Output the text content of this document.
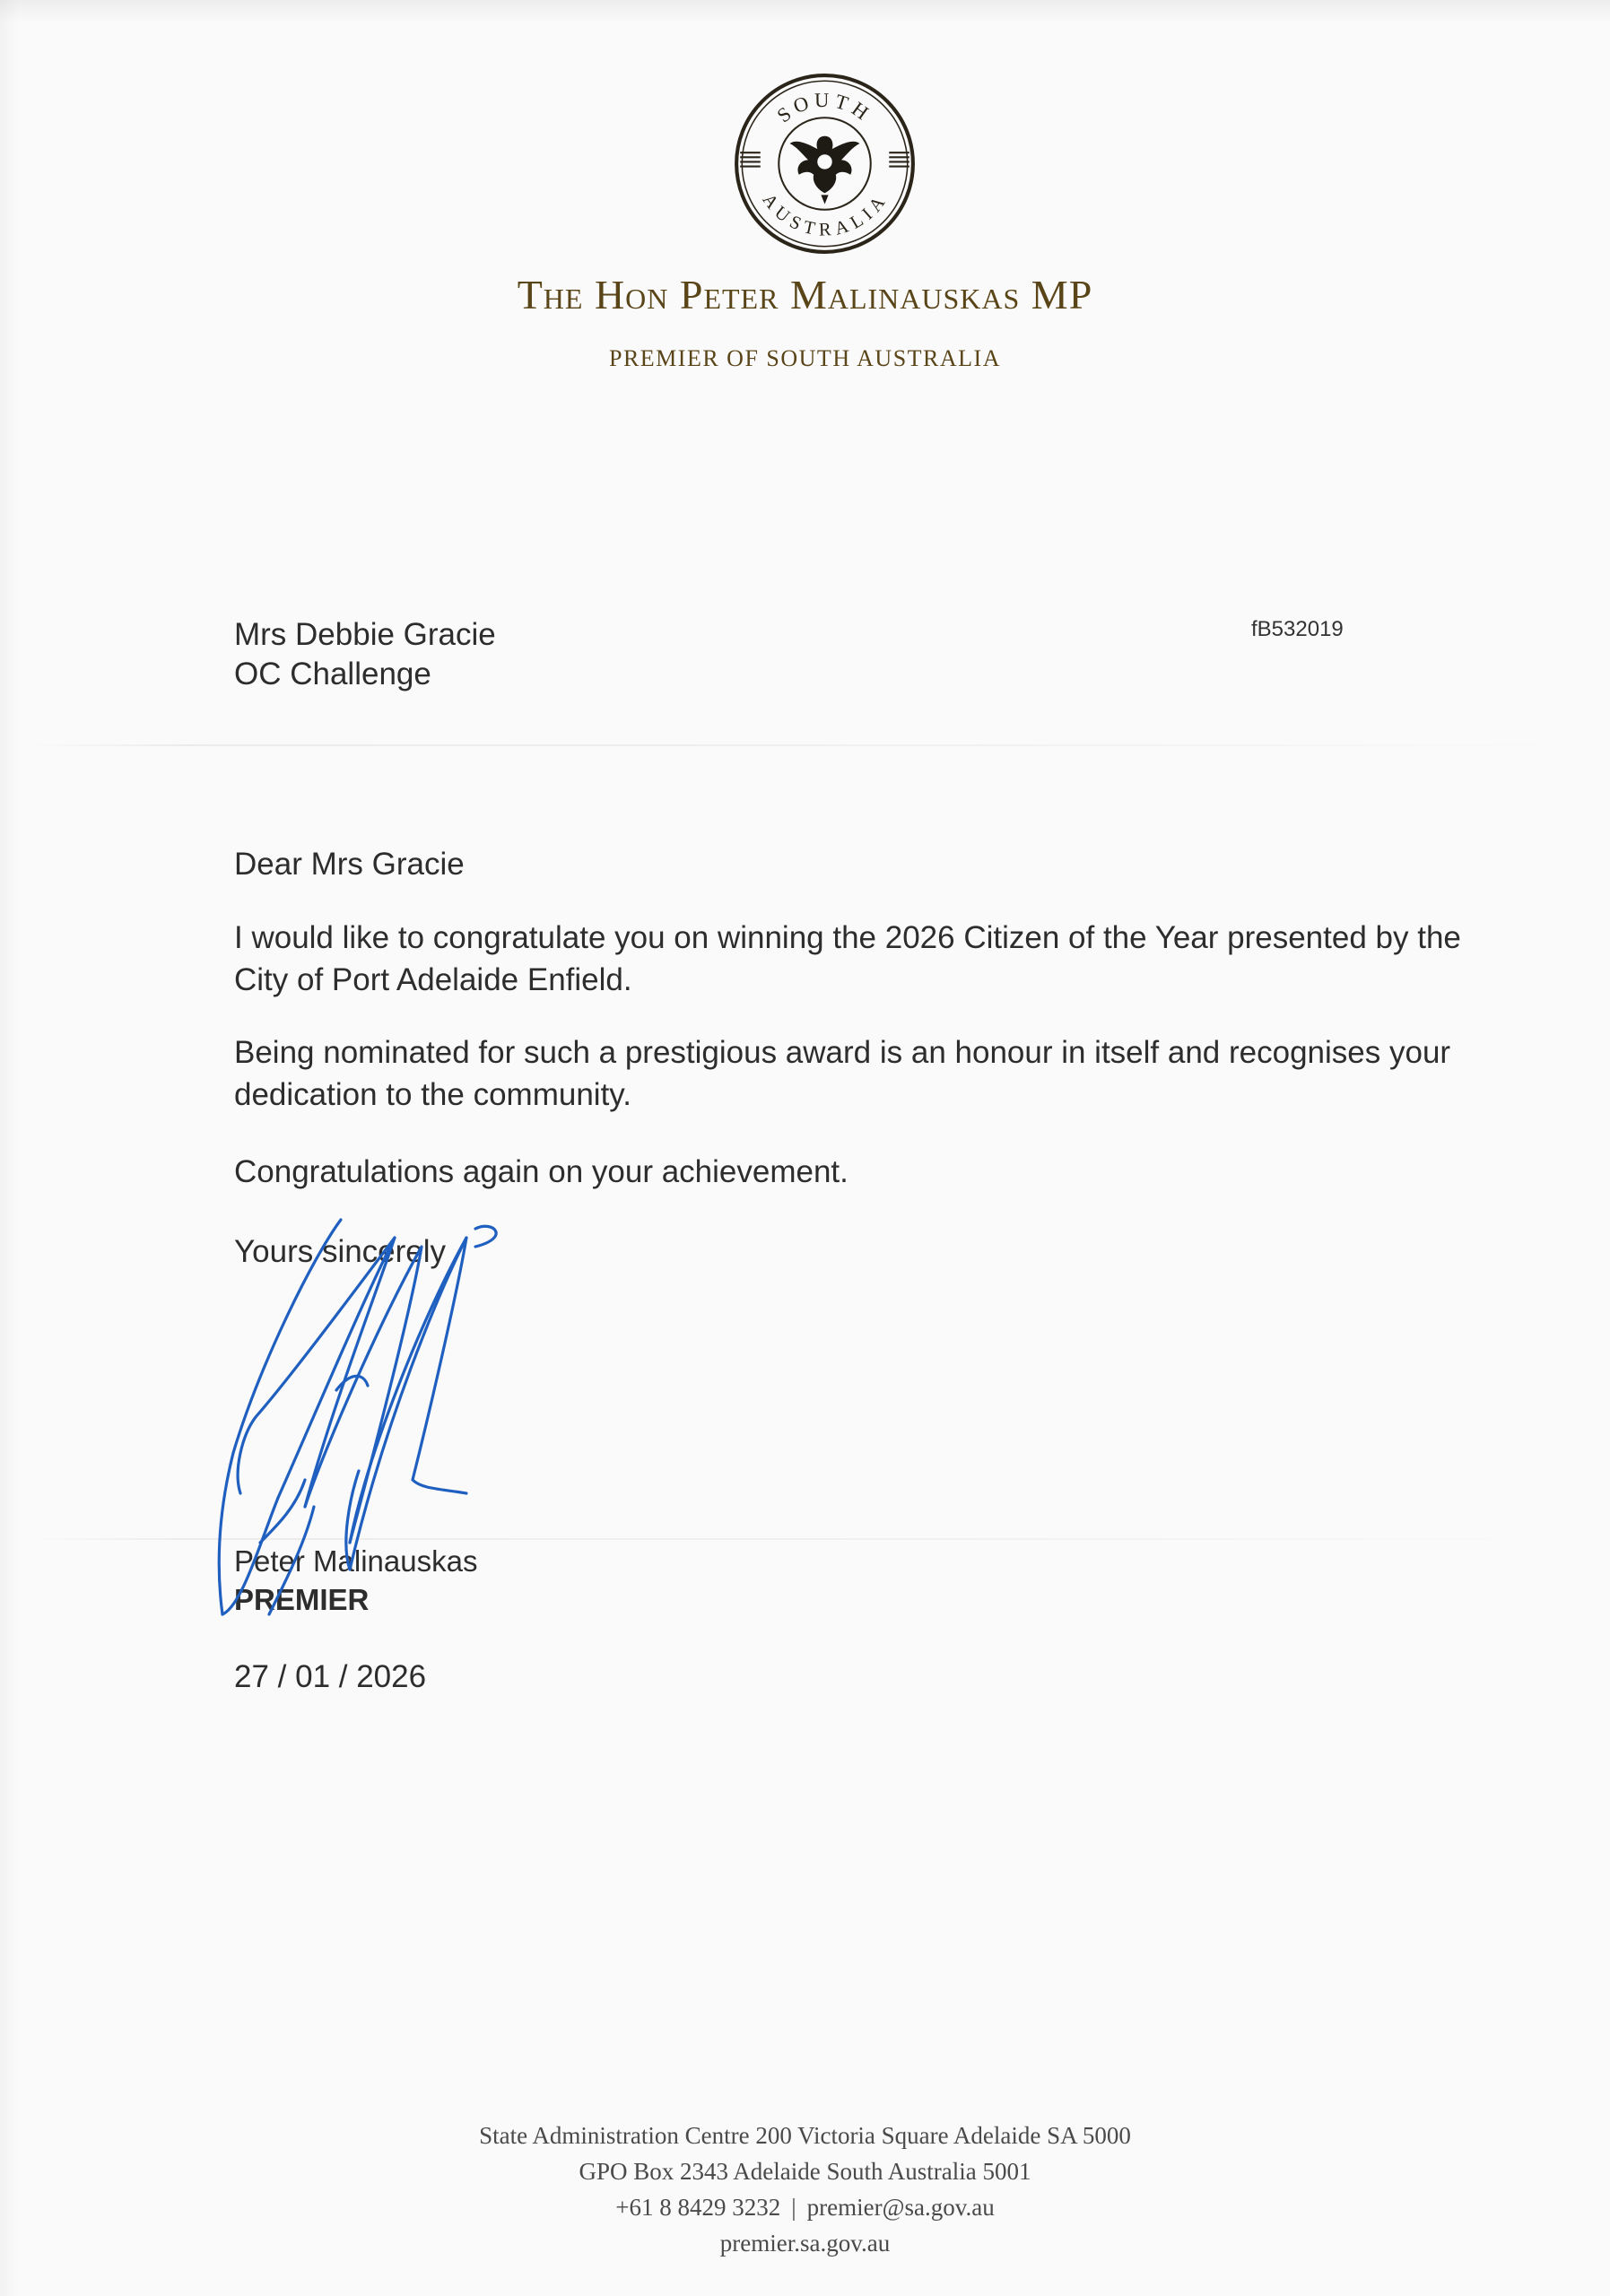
SOUTH
AUSTRALIA
The Hon Peter Malinauskas MP
PREMIER OF SOUTH AUSTRALIA
fB532019
Mrs Debbie Gracie
OC Challenge
Dear Mrs Gracie
I would like to congratulate you on winning the 2026 Citizen of the Year presented by the City of Port Adelaide Enfield.
Being nominated for such a prestigious award is an honour in itself and recognises your dedication to the community.
Congratulations again on your achievement.
Yours sincerely
Peter Malinauskas
PREMIER
27 / 01 / 2026
State Administration Centre 200 Victoria Square Adelaide SA 5000
GPO Box 2343 Adelaide South Australia 5001
+61 8 8429 3232 | premier@sa.gov.au
premier.sa.gov.au
